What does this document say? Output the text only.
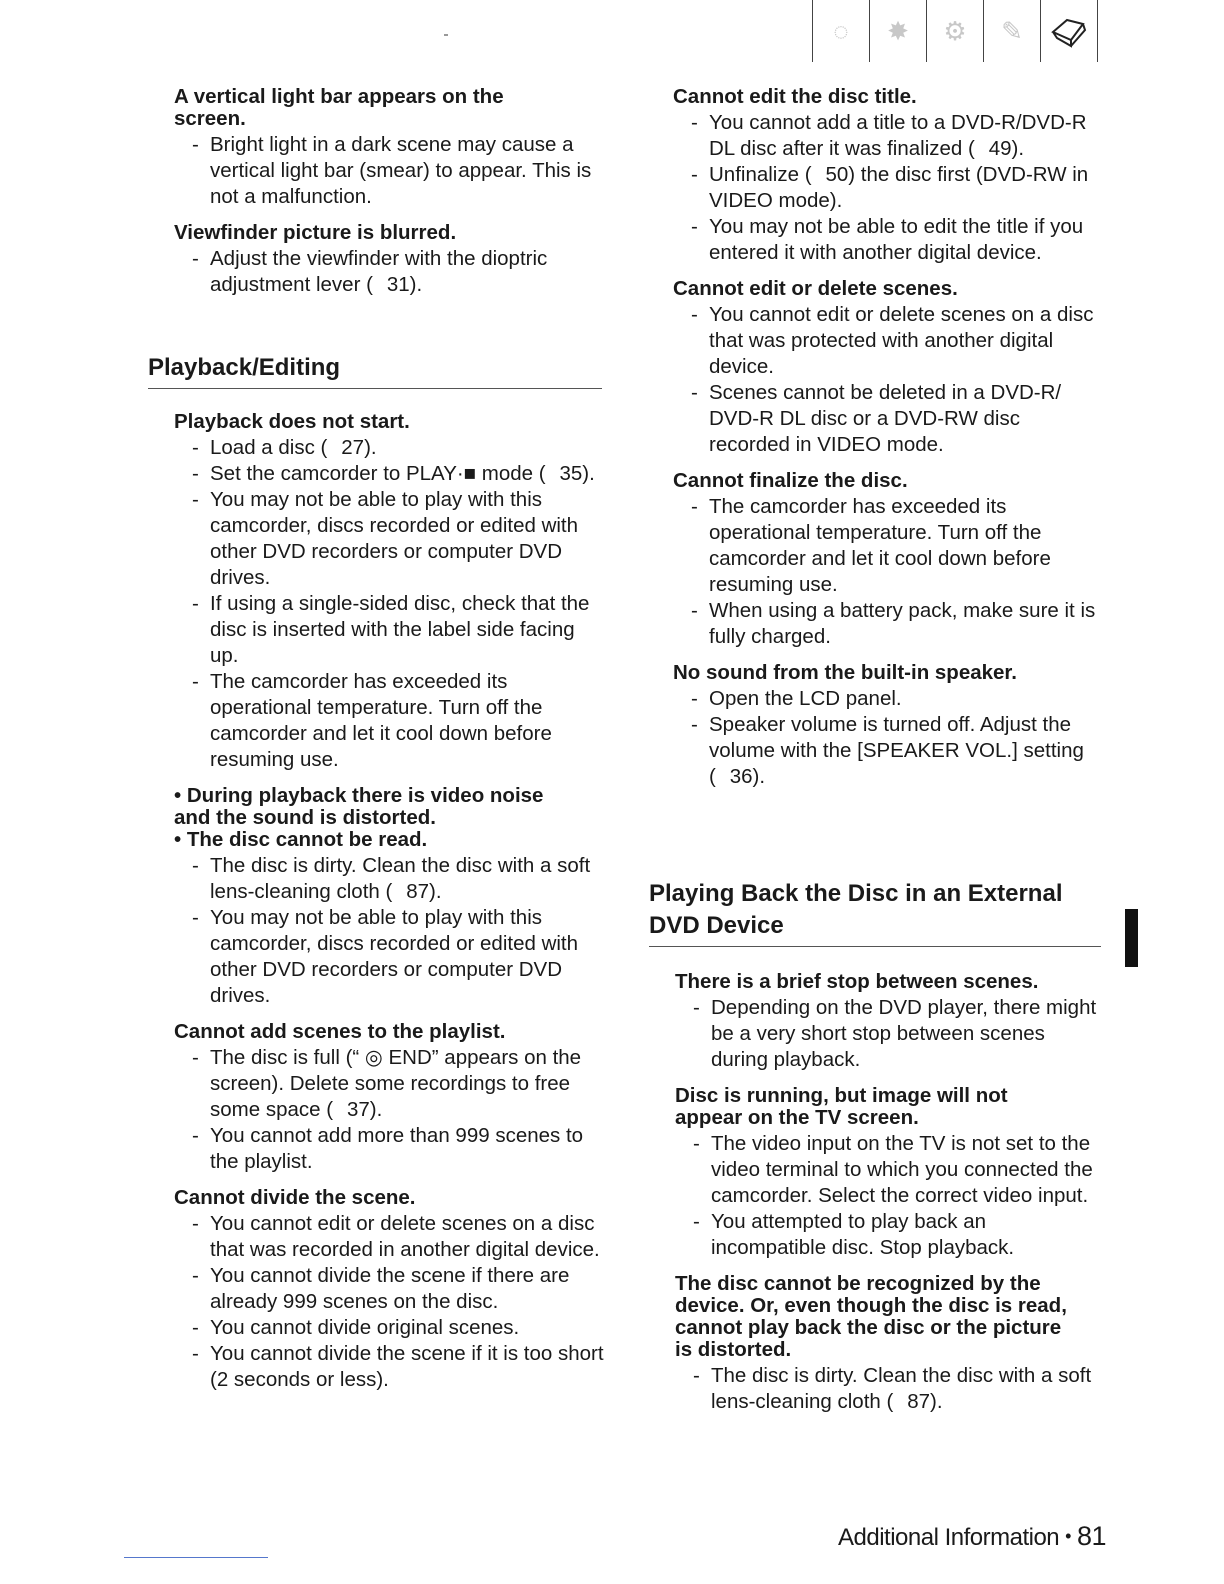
◌	✸	⚙	✎
A vertical light bar appears on the
screen.
- Bright light in a dark scene may cause a vertical light bar (smear) to appear. This is not a malfunction.
Viewfinder picture is blurred.
- Adjust the viewfinder with the dioptric adjustment lever (   31).
Playback/Editing
Playback does not start.
- Load a disc (   27).
- Set the camcorder to PLAY·■ mode (   35).
- You may not be able to play with this camcorder, discs recorded or edited with other DVD recorders or computer DVD drives.
- If using a single-sided disc, check that the disc is inserted with the label side facing up.
- The camcorder has exceeded its operational temperature. Turn off the camcorder and let it cool down before resuming use.
• During playback there is video noise
and the sound is distorted.
• The disc cannot be read.
- The disc is dirty. Clean the disc with a soft lens-cleaning cloth (   87).
- You may not be able to play with this camcorder, discs recorded or edited with other DVD recorders or computer DVD drives.
Cannot add scenes to the playlist.
- The disc is full (“ ◎ END” appears on the screen). Delete some recordings to free some space (   37).
- You cannot add more than 999 scenes to the playlist.
Cannot divide the scene.
- You cannot edit or delete scenes on a disc that was recorded in another digital device.
- You cannot divide the scene if there are already 999 scenes on the disc.
- You cannot divide original scenes.
- You cannot divide the scene if it is too short (2 seconds or less).
Cannot edit the disc title.
- You cannot add a title to a DVD-R/DVD-R DL disc after it was finalized (   49).
- Unfinalize (   50) the disc first (DVD-RW in VIDEO mode).
- You may not be able to edit the title if you entered it with another digital device.
Cannot edit or delete scenes.
- You cannot edit or delete scenes on a disc that was protected with another digital device.
- Scenes cannot be deleted in a DVD-R/ DVD-R DL disc or a DVD-RW disc recorded in VIDEO mode.
Cannot finalize the disc.
- The camcorder has exceeded its operational temperature. Turn off the camcorder and let it cool down before resuming use.
- When using a battery pack, make sure it is fully charged.
No sound from the built-in speaker.
- Open the LCD panel.
- Speaker volume is turned off. Adjust the volume with the [SPEAKER VOL.] setting (   36).
Playing Back the Disc in an External
DVD Device
There is a brief stop between scenes.
- Depending on the DVD player, there might be a very short stop between scenes during playback.
Disc is running, but image will not
appear on the TV screen.
- The video input on the TV is not set to the video terminal to which you connected the camcorder. Select the correct video input.
- You attempted to play back an incompatible disc. Stop playback.
The disc cannot be recognized by the
device. Or, even though the disc is read,
cannot play back the disc or the picture
is distorted.
- The disc is dirty. Clean the disc with a soft lens-cleaning cloth (   87).
Additional Information • 81
